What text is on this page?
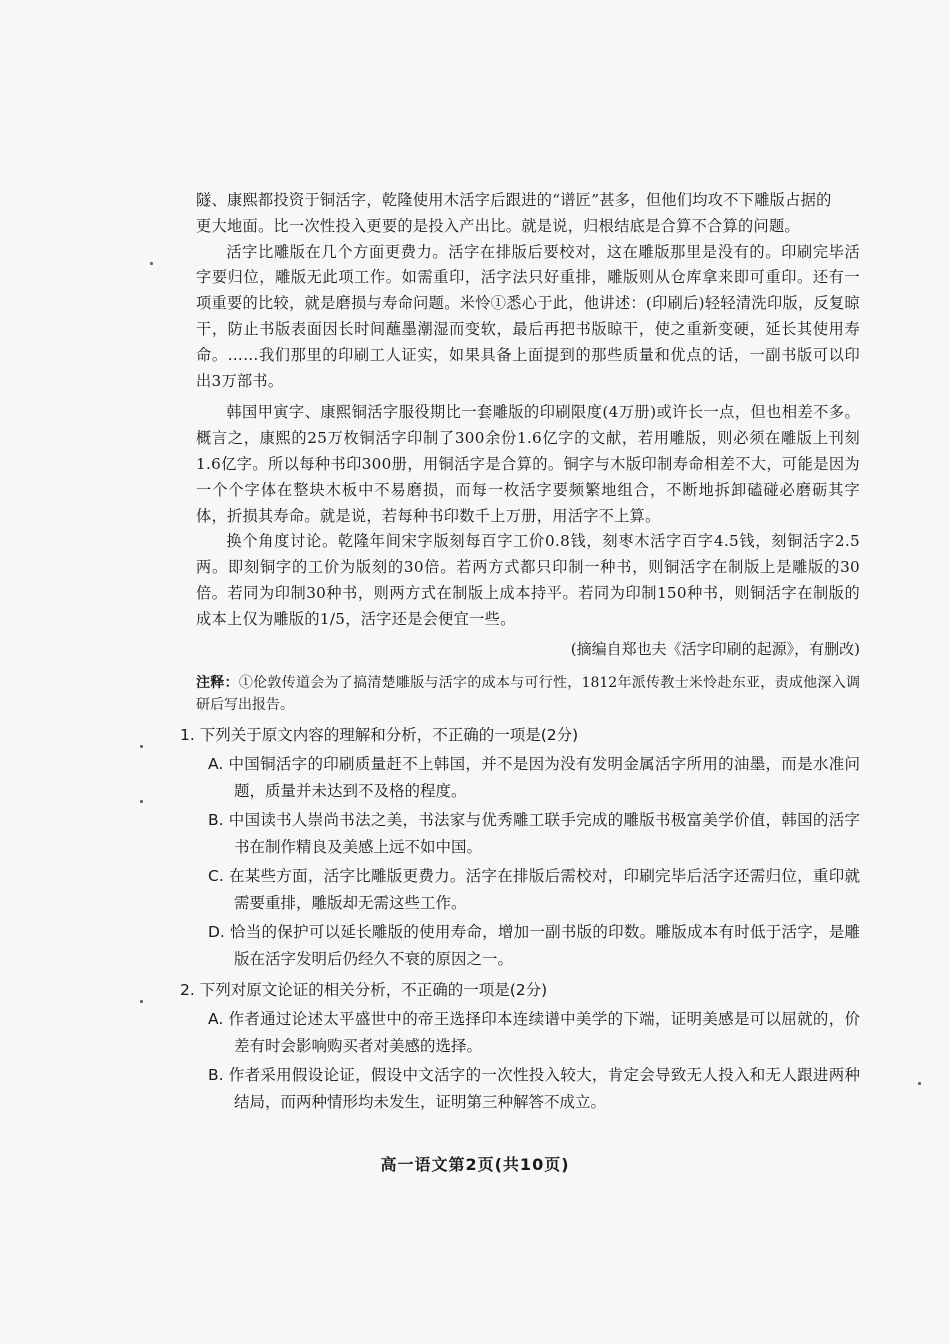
隧、康熙都投资于铜活字，乾隆使用木活字后跟进的“谱匠”甚多，但他们均攻不下雕版占据的
更大地面。比一次性投入更要的是投入产出比。就是说，归根结底是合算不合算的问题。

活字比雕版在几个方面更费力。活字在排版后要校对，这在雕版那里是没有的。印刷完毕活字要归位，雕版无此项工作。如需重印，活字法只好重排，雕版则从仓库拿来即可重印。还有一项重要的比较，就是磨损与寿命问题。米怜①悉心于此，他讲述：(印刷后)轻轻清洗印版，反复晾干，防止书版表面因长时间蘸墨潮湿而变软，最后再把书版晾干，使之重新变硬，延长其使用寿命。……我们那里的印刷工人证实，如果具备上面提到的那些质量和优点的话，一副书版可以印出3万部书。

韩国甲寅字、康熙铜活字服役期比一套雕版的印刷限度(4万册)或许长一点，但也相差不多。概言之，康熙的25万枚铜活字印制了300余份1.6亿字的文献，若用雕版，则必须在雕版上刊刻1.6亿字。所以每种书印300册，用铜活字是合算的。铜字与木版印制寿命相差不大，可能是因为一个个字体在整块木板中不易磨损，而每一枚活字要频繁地组合，不断地拆卸磕碰必磨砺其字体，折损其寿命。就是说，若每种书印数千上万册，用活字不上算。

换个角度讨论。乾隆年间宋字版刻每百字工价0.8钱，刻枣木活字百字4.5钱，刻铜活字2.5两。即刻铜字的工价为版刻的30倍。若两方式都只印制一种书，则铜活字在制版上是雕版的30倍。若同为印制30种书，则两方式在制版上成本持平。若同为印制150种书，则铜活字在制版的成本上仅为雕版的1/5，活字还是会便宜一些。

(摘编自郑也夫《活字印刷的起源》，有删改)

注释：①伦敦传道会为了搞清楚雕版与活字的成本与可行性，1812年派传教士米怜赴东亚，责成他深入调研后写出报告。

1. 下列关于原文内容的理解和分析，不正确的一项是(2分)

A. 中国铜活字的印刷质量赶不上韩国，并不是因为没有发明金属活字所用的油墨，而是水准问题，质量并未达到不及格的程度。

B. 中国读书人崇尚书法之美，书法家与优秀雕工联手完成的雕版书极富美学价值，韩国的活字书在制作精良及美感上远不如中国。

C. 在某些方面，活字比雕版更费力。活字在排版后需校对，印刷完毕后活字还需归位，重印就需要重排，雕版却无需这些工作。

D. 恰当的保护可以延长雕版的使用寿命，增加一副书版的印数。雕版成本有时低于活字，是雕版在活字发明后仍经久不衰的原因之一。

2. 下列对原文论证的相关分析，不正确的一项是(2分)

A. 作者通过论述太平盛世中的帝王选择印本连续谱中美学的下端，证明美感是可以屈就的，价差有时会影响购买者对美感的选择。

B. 作者采用假设论证，假设中文活字的一次性投入较大，肯定会导致无人投入和无人跟进两种结局，而两种情形均未发生，证明第三种解答不成立。

高一语文第2页(共10页)
